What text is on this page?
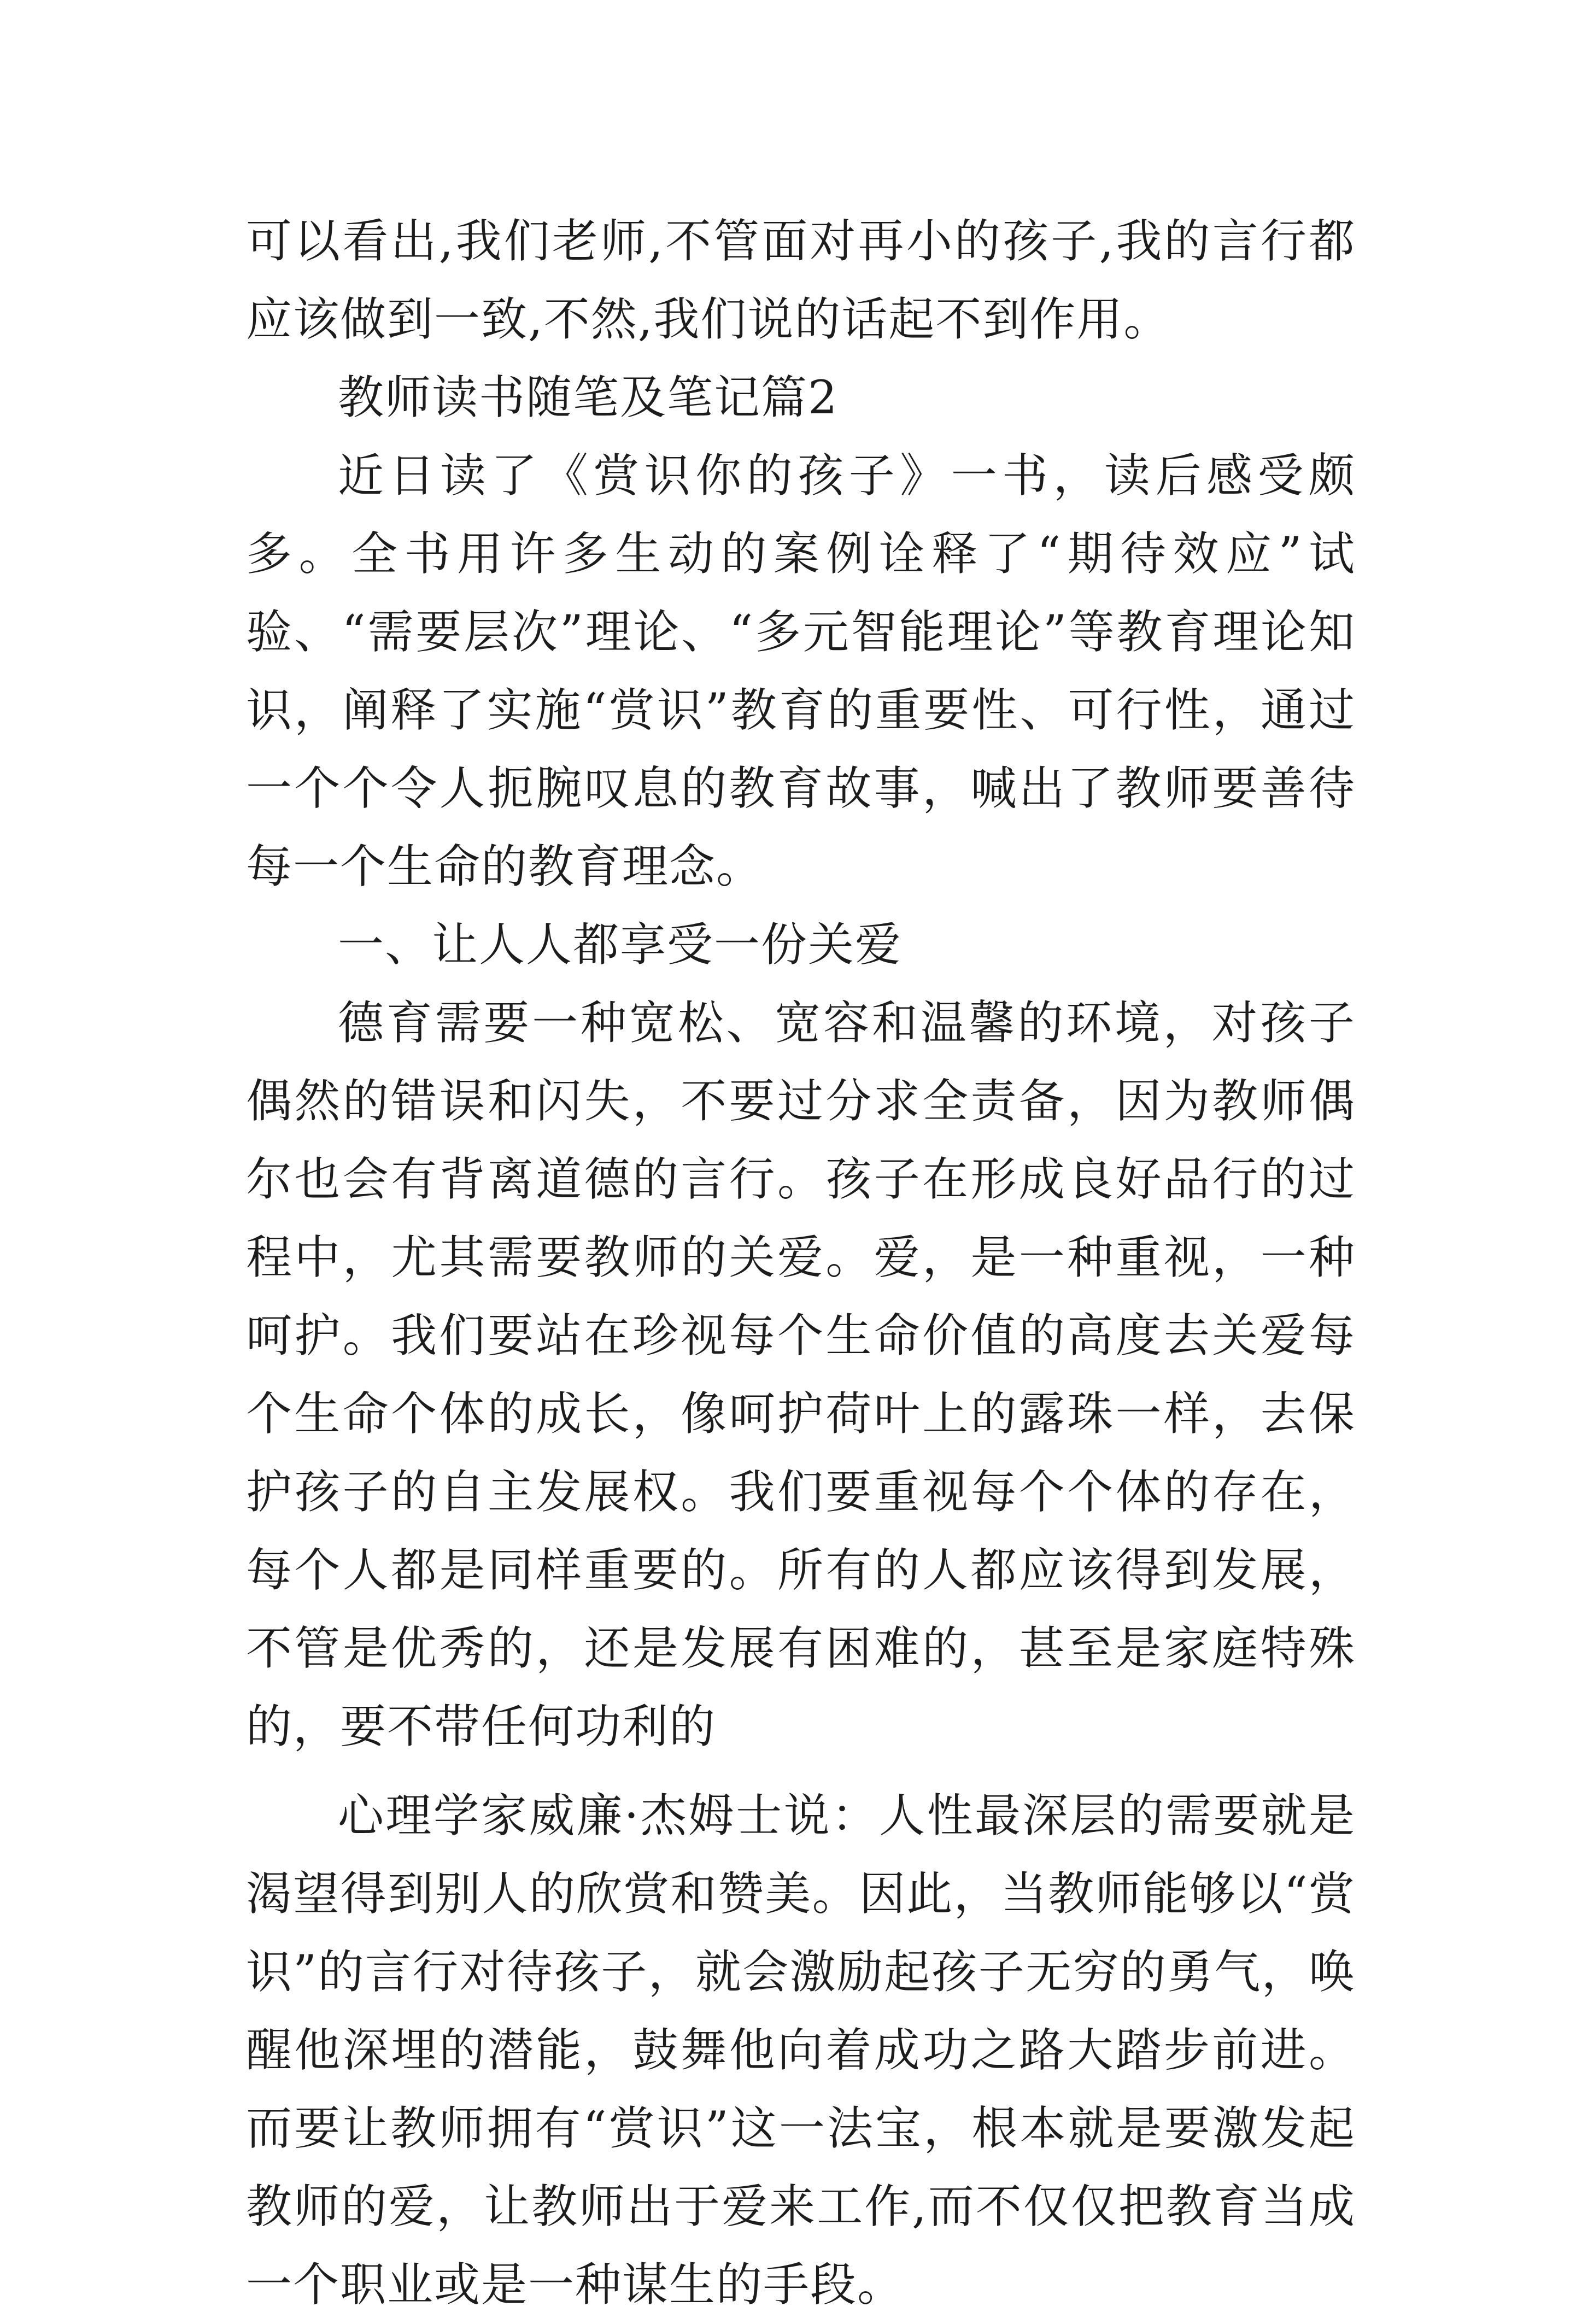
可以看出,我们老师,不管面对再小的孩子,我的言行都应该做到一致,不然,我们说的话起不到作用。

教师读书随笔及笔记篇2

近日读了《赏识你的孩子》一书，读后感受颇多。全书用许多生动的案例诠释了“期待效应”试验、“需要层次”理论、“多元智能理论”等教育理论知识，阐释了实施“赏识”教育的重要性、可行性，通过一个个令人扼腕叹息的教育故事，喊出了教师要善待每一个生命的教育理念。

一、让人人都享受一份关爱

德育需要一种宽松、宽容和温馨的环境，对孩子偶然的错误和闪失，不要过分求全责备，因为教师偶尔也会有背离道德的言行。孩子在形成良好品行的过程中，尤其需要教师的关爱。爱，是一种重视，一种呵护。我们要站在珍视每个生命价值的高度去关爱每个生命个体的成长，像呵护荷叶上的露珠一样，去保护孩子的自主发展权。我们要重视每个个体的存在，每个人都是同样重要的。所有的人都应该得到发展，不管是优秀的，还是发展有困难的，甚至是家庭特殊的，要不带任何功利的

心理学家威廉·杰姆士说：人性最深层的需要就是渴望得到别人的欣赏和赞美。因此，当教师能够以“赏识”的言行对待孩子，就会激励起孩子无穷的勇气，唤醒他深埋的潜能，鼓舞他向着成功之路大踏步前进。而要让教师拥有“赏识”这一法宝，根本就是要激发起教师的爱，让教师出于爱来工作,而不仅仅把教育当成一个职业或是一种谋生的手段。
